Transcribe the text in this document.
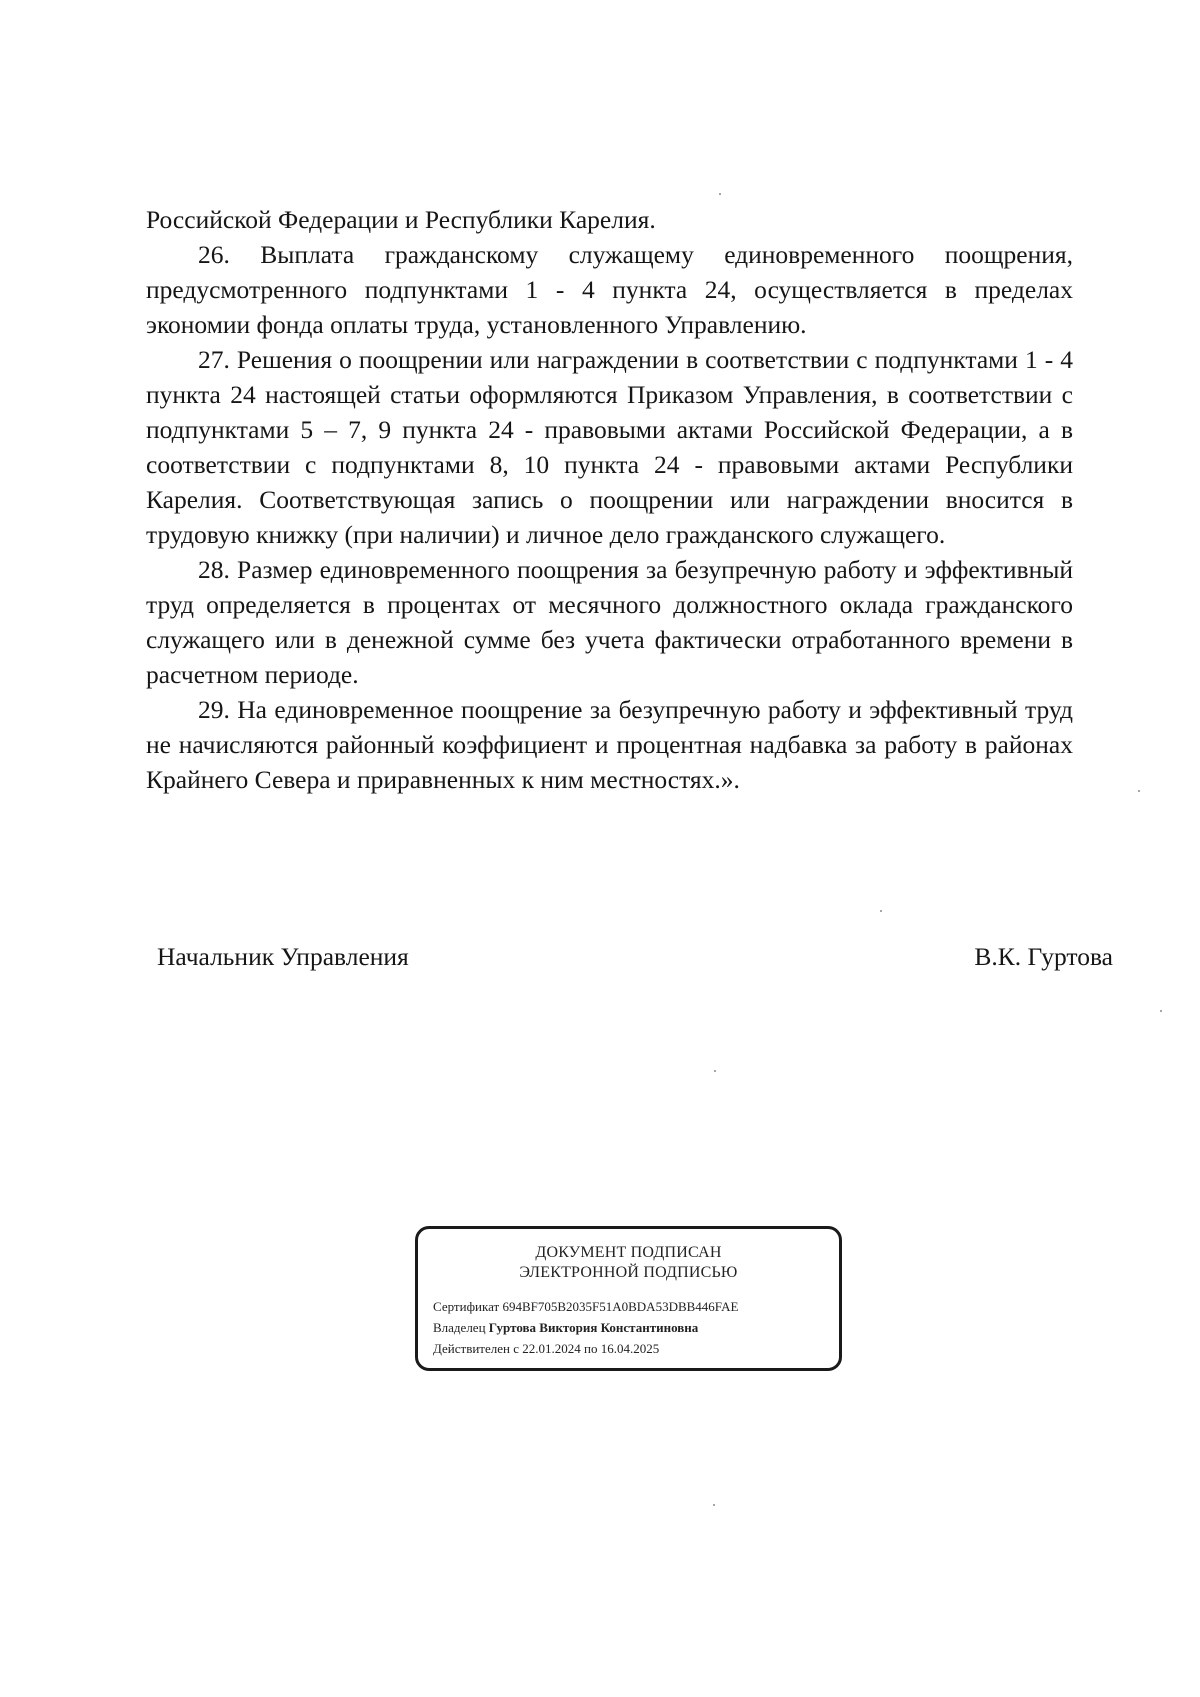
Российской Федерации и Республики Карелия.

26. Выплата гражданскому служащему единовременного поощрения, предусмотренного подпунктами 1 - 4 пункта 24, осуществляется в пределах экономии фонда оплаты труда, установленного Управлению.

27. Решения о поощрении или награждении в соответствии с подпунктами 1 - 4 пункта 24 настоящей статьи оформляются Приказом Управления, в соответствии с подпунктами 5 – 7, 9 пункта 24 - правовыми актами Российской Федерации, а в соответствии с подпунктами 8, 10 пункта 24 - правовыми актами Республики Карелия. Соответствующая запись о поощрении или награждении вносится в трудовую книжку (при наличии) и личное дело гражданского служащего.

28. Размер единовременного поощрения за безупречную работу и эффективный труд определяется в процентах от месячного должностного оклада гражданского служащего или в денежной сумме без учета фактически отработанного времени в расчетном периоде.

29. На единовременное поощрение за безупречную работу и эффективный труд не начисляются районный коэффициент и процентная надбавка за работу в районах Крайнего Севера и приравненных к ним местностях.».

Начальник Управления	В.К. Гуртова
ДОКУМЕНТ ПОДПИСАН
ЭЛЕКТРОННОЙ ПОДПИСЬЮ
Сертификат 694BF705B2035F51A0BDA53DBB446FAE
Владелец Гуртова Виктория Константиновна
Действителен с 22.01.2024 по 16.04.2025
